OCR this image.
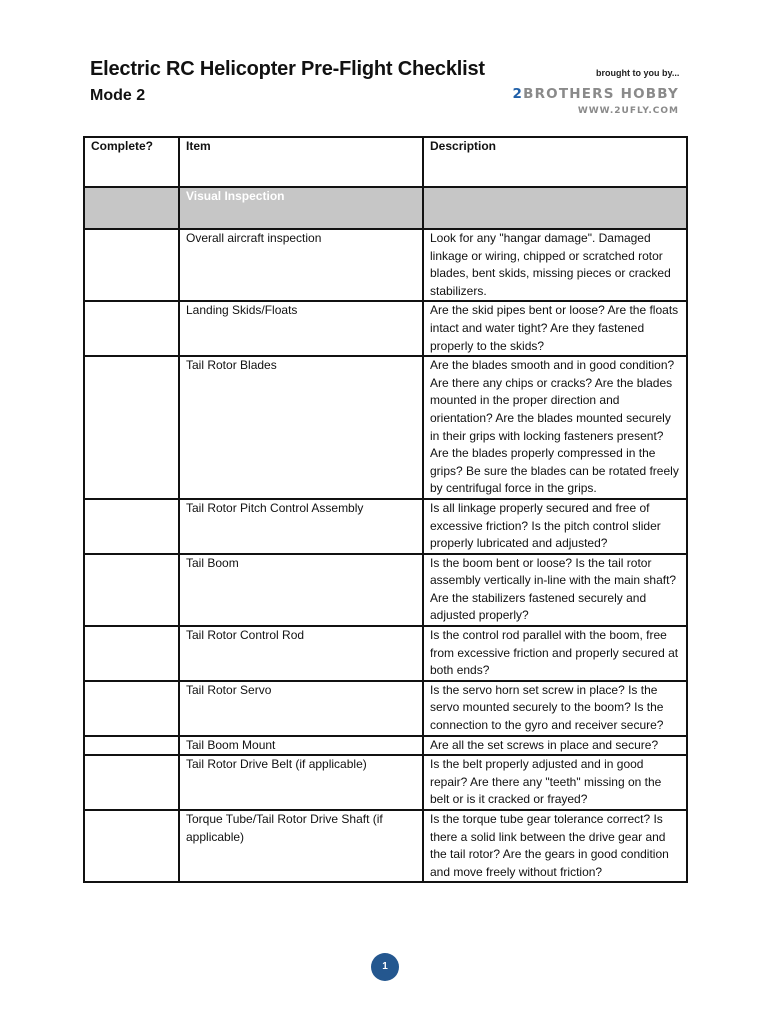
Electric RC Helicopter Pre-Flight Checklist
Mode 2
brought to you by...
2BROTHERS HOBBY
WWW.2UFLY.COM
Complete?	Item	Description
	Visual Inspection	
	Overall aircraft inspection	Look for any "hangar damage". Damaged linkage or wiring, chipped or scratched rotor blades, bent skids, missing pieces or cracked stabilizers.
	Landing Skids/Floats	Are the skid pipes bent or loose? Are the floats intact and water tight? Are they fastened properly to the skids?
	Tail Rotor Blades	Are the blades smooth and in good condition? Are there any chips or cracks? Are the blades mounted in the proper direction and orientation? Are the blades mounted securely in their grips with locking fasteners present? Are the blades properly compressed in the grips? Be sure the blades can be rotated freely by centrifugal force in the grips.
	Tail Rotor Pitch Control Assembly	Is all linkage properly secured and free of excessive friction? Is the pitch control slider properly lubricated and adjusted?
	Tail Boom	Is the boom bent or loose? Is the tail rotor assembly vertically in-line with the main shaft? Are the stabilizers fastened securely and adjusted properly?
	Tail Rotor Control Rod	Is the control rod parallel with the boom, free from excessive friction and properly secured at both ends?
	Tail Rotor Servo	Is the servo horn set screw in place? Is the servo mounted securely to the boom? Is the connection to the gyro and receiver secure?
	Tail Boom Mount	Are all the set screws in place and secure?
	Tail Rotor Drive Belt (if applicable)	Is the belt properly adjusted and in good repair? Are there any "teeth" missing on the belt or is it cracked or frayed?
	Torque Tube/Tail Rotor Drive Shaft (if applicable)	Is the torque tube gear tolerance correct? Is there a solid link between the drive gear and the tail rotor? Are the gears in good condition and move freely without friction?
1
